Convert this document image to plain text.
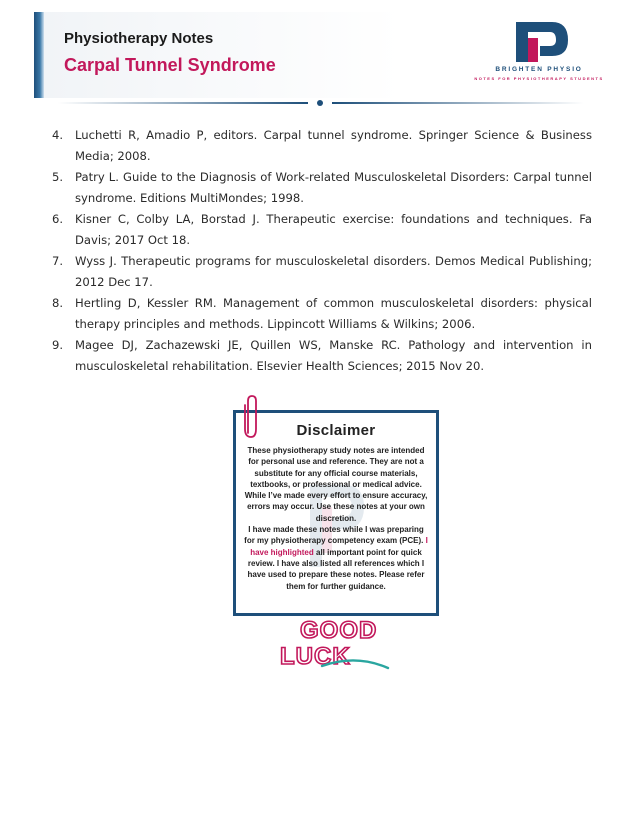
Physiotherapy Notes
Carpal Tunnel Syndrome	BRIGHTEN PHYSIO
NOTES FOR PHYSIOTHERAPY STUDENTS
4. Luchetti R, Amadio P, editors. Carpal tunnel syndrome. Springer Science & Business Media; 2008.
5. Patry L. Guide to the Diagnosis of Work-related Musculoskeletal Disorders: Carpal tunnel syndrome. Editions MultiMondes; 1998.
6. Kisner C, Colby LA, Borstad J. Therapeutic exercise: foundations and techniques. Fa Davis; 2017 Oct 18.
7. Wyss J. Therapeutic programs for musculoskeletal disorders. Demos Medical Publishing; 2012 Dec 17.
8. Hertling D, Kessler RM. Management of common musculoskeletal disorders: physical therapy principles and methods. Lippincott Williams & Wilkins; 2006.
9. Magee DJ, Zachazewski JE, Quillen WS, Manske RC. Pathology and intervention in musculoskeletal rehabilitation. Elsevier Health Sciences; 2015 Nov 20.
Disclaimer
These physiotherapy study notes are intended for personal use and reference. They are not a substitute for any official course materials, textbooks, or professional or medical advice. While I’ve made every effort to ensure accuracy, errors may occur. Use these notes at your own discretion.
I have made these notes while I was preparing for my physiotherapy competency exam (PCE). I have highlighted all important point for quick review. I have also listed all references which I have used to prepare these notes. Please refer them for further guidance.
GOOD
LUCK
